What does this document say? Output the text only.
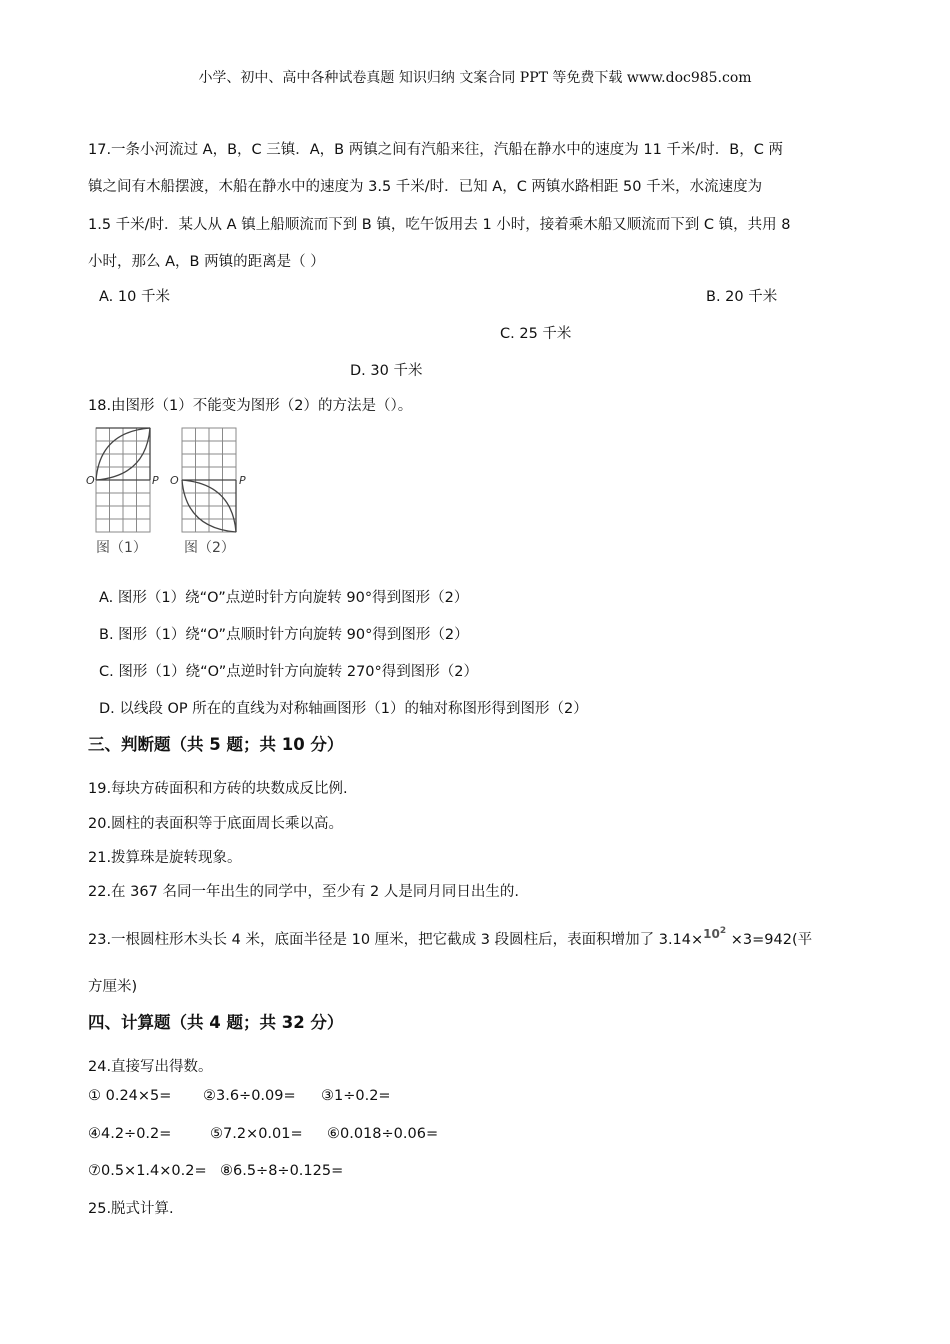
小学、初中、高中各种试卷真题 知识归纳 文案合同 PPT 等免费下载 www.doc985.com
17.一条小河流过 A，B，C 三镇．A，B 两镇之间有汽船来往，汽船在静水中的速度为 11 千米/时．B，C 两
镇之间有木船摆渡，木船在静水中的速度为 3.5 千米/时．已知 A，C 两镇水路相距 50 千米，水流速度为
1.5 千米/时．某人从 A 镇上船顺流而下到 B 镇，吃午饭用去 1 小时，接着乘木船又顺流而下到 C 镇，共用 8
小时，那么 A，B 两镇的距离是（ ）
A. 10 千米	B. 20 千米
C. 25 千米
D. 30 千米
18.由图形（1）不能变为图形（2）的方法是（）。
O	P O	P
图（1）	图（2）
A. 图形（1）绕“O”点逆时针方向旋转 90°得到图形（2）
B. 图形（1）绕“O”点顺时针方向旋转 90°得到图形（2）
C. 图形（1）绕“O”点逆时针方向旋转 270°得到图形（2）
D. 以线段 OP 所在的直线为对称轴画图形（1）的轴对称图形得到图形（2）
三、判断题（共 5 题；共 10 分）
19.每块方砖面积和方砖的块数成反比例.
20.圆柱的表面积等于底面周长乘以高。
21.拨算珠是旋转现象。
22.在 367 名同一年出生的同学中，至少有 2 人是同月同日出生的.
23.一根圆柱形木头长 4 米，底面半径是 10 厘米，把它截成 3 段圆柱后，表面积增加了 $3.14\times 10^2 \times 3=942$(平
方厘米)
四、计算题（共 4 题；共 32 分）
24.直接写出得数。
① 0.24×5= ②3.6÷0.09= ③1÷0.2=
④4.2÷0.2=	⑤7.2×0.01= ⑥0.018÷0.06=
⑦0.5×1.4×0.2= ⑧6.5÷8÷0.125=
25.脱式计算.
